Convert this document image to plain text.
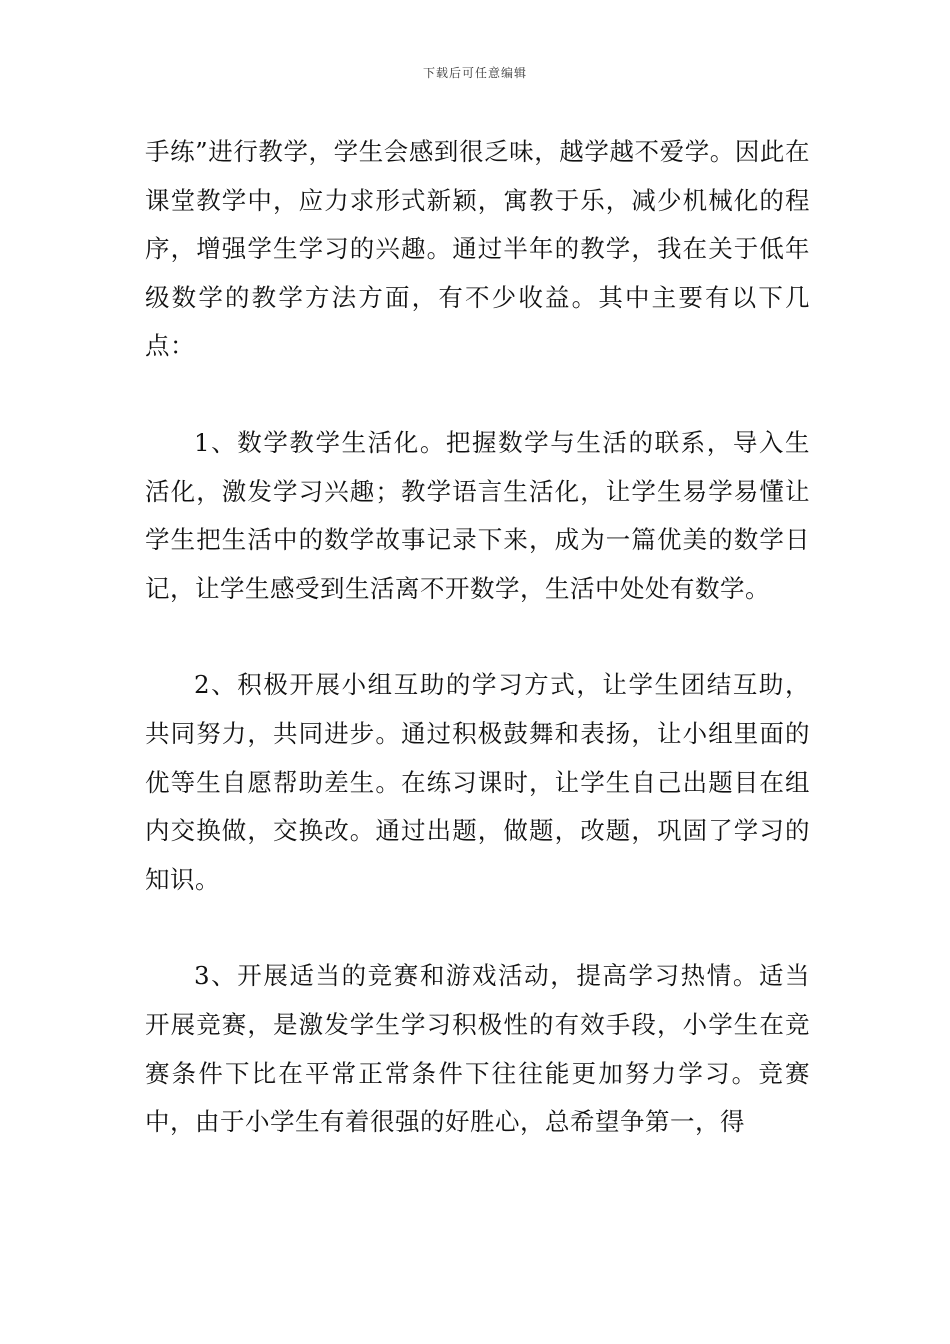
下载后可任意编辑

手练”进行教学，学生会感到很乏味，越学越不爱学。因此在课堂教学中，应力求形式新颖，寓教于乐，减少机械化的程序，增强学生学习的兴趣。通过半年的教学，我在关于低年级数学的教学方法方面，有不少收益。其中主要有以下几点：

1、数学教学生活化。把握数学与生活的联系，导入生活化，激发学习兴趣；教学语言生活化，让学生易学易懂让学生把生活中的数学故事记录下来，成为一篇优美的数学日记，让学生感受到生活离不开数学，生活中处处有数学。

2、积极开展小组互助的学习方式，让学生团结互助，共同努力，共同进步。通过积极鼓舞和表扬，让小组里面的优等生自愿帮助差生。在练习课时，让学生自己出题目在组内交换做，交换改。通过出题，做题，改题，巩固了学习的知识。

3、开展适当的竞赛和游戏活动，提高学习热情。适当开展竞赛，是激发学生学习积极性的有效手段，小学生在竞赛条件下比在平常正常条件下往往能更加努力学习。竞赛中，由于小学生有着很强的好胜心，总希望争第一，得
